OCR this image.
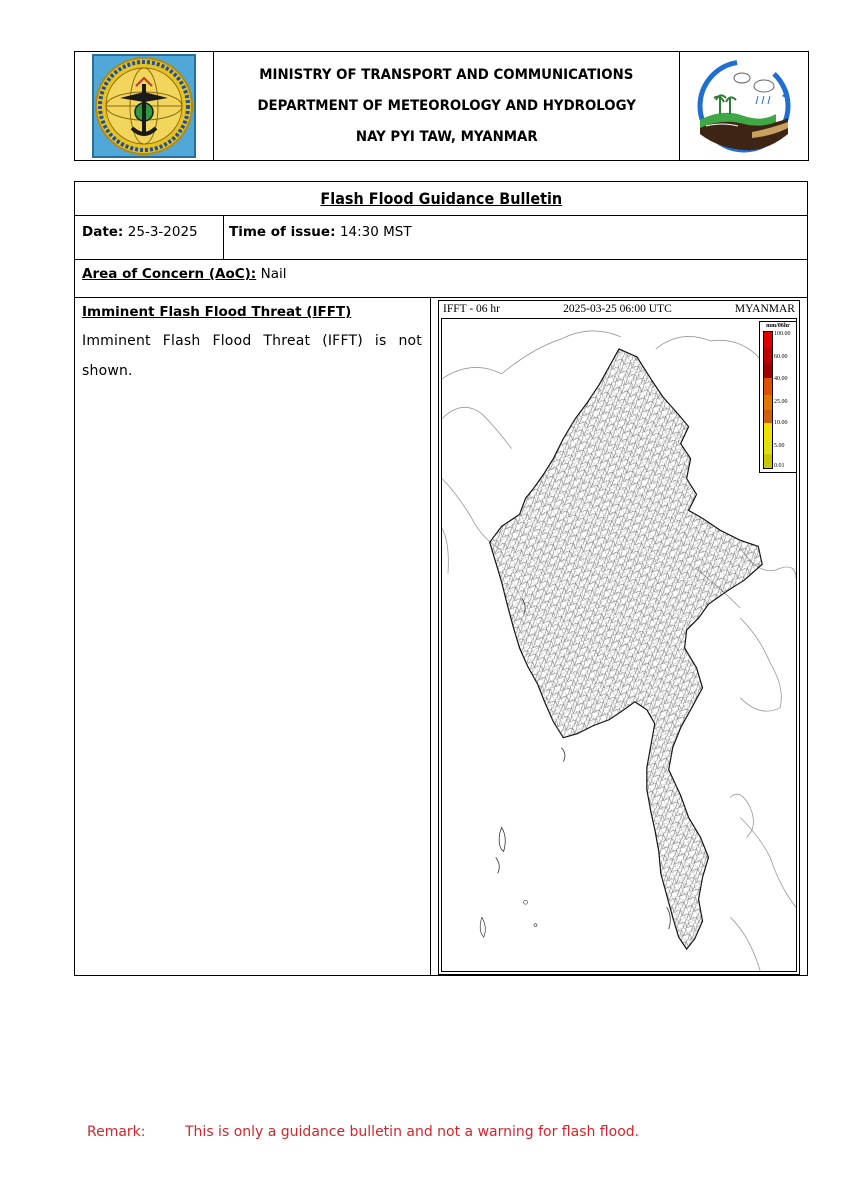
MINISTRY OF TRANSPORT AND COMMUNICATIONS
DEPARTMENT OF METEOROLOGY AND HYDROLOGY
NAY PYI TAW, MYANMAR
Flash Flood Guidance Bulletin
Date: 25-3-2025	Time of issue: 14:30 MST
Area of Concern (AoC): Nail
Imminent Flash Flood Threat (IFFT)
Imminent Flash Flood Threat (IFFT) is not shown.
IFFT - 06 hr	2025-03-25 06:00 UTC	MYANMAR
mm/06hr
100.00
60.00
40.00
25.00
10.00
5.00
0.01
Remark:	This is only a guidance bulletin and not a warning for flash flood.
